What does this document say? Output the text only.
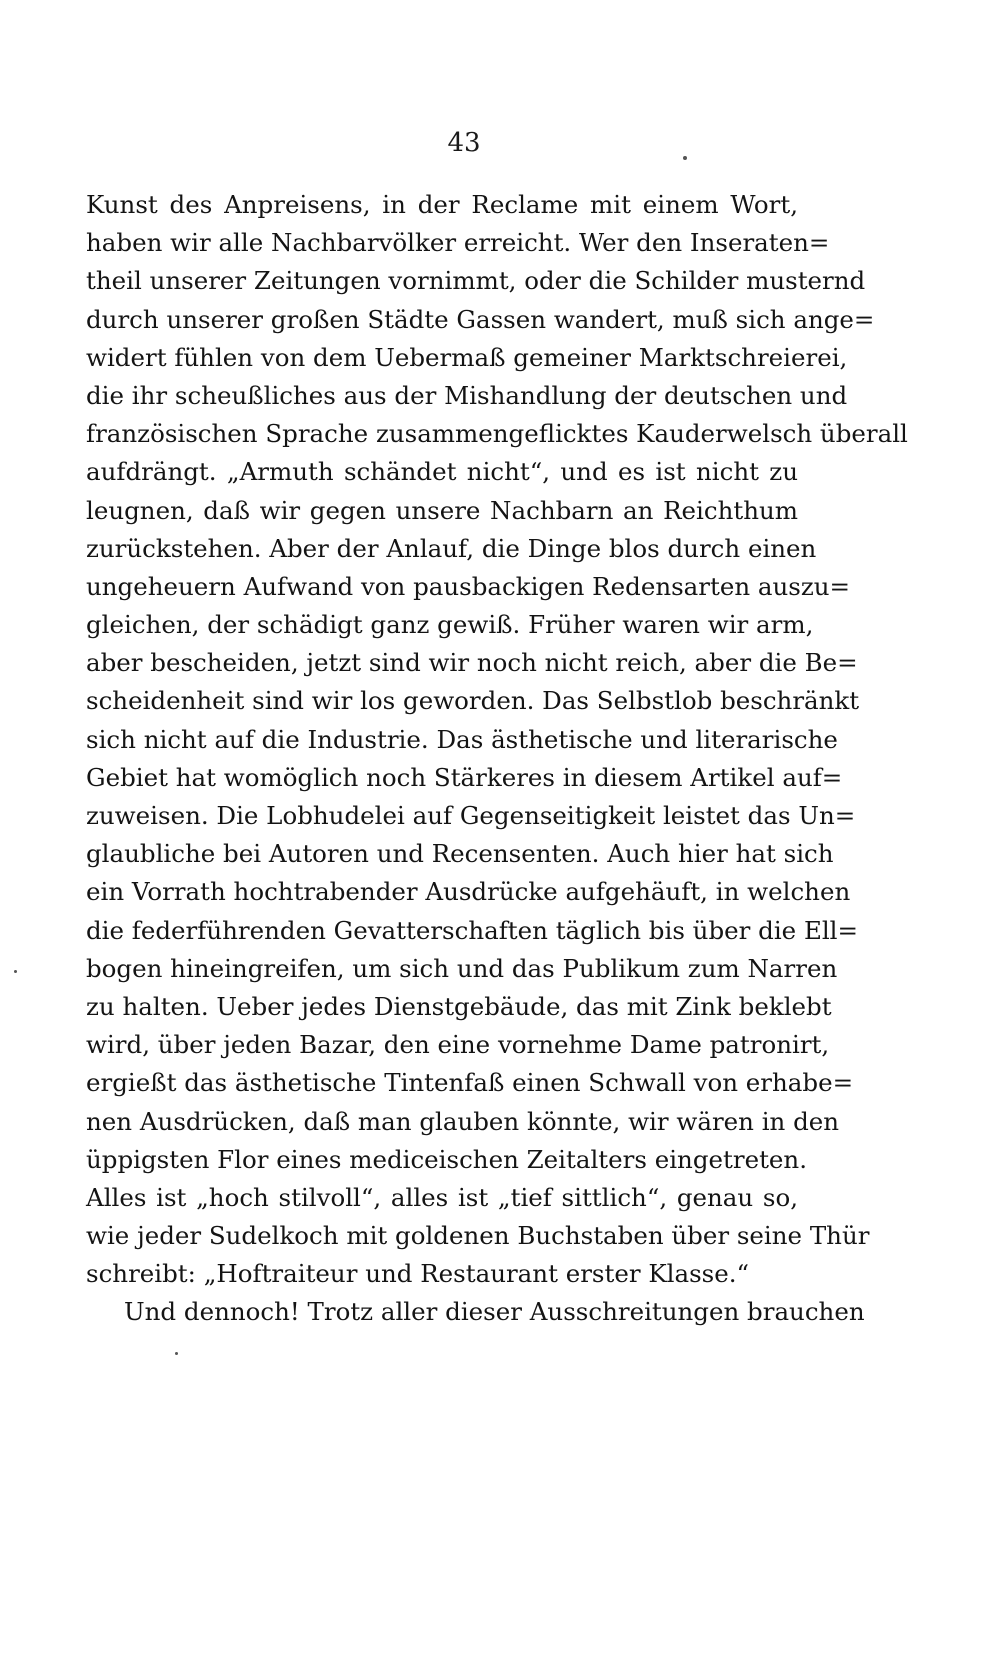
43
Kunst des Anpreisens, in der Reclame mit einem Wort,
haben wir alle Nachbarvölker erreicht. Wer den Inseraten=
theil unserer Zeitungen vornimmt, oder die Schilder musternd
durch unserer großen Städte Gassen wandert, muß sich ange=
widert fühlen von dem Uebermaß gemeiner Marktschreierei,
die ihr scheußliches aus der Mishandlung der deutschen und
französischen Sprache zusammengeflicktes Kauderwelsch überall
aufdrängt. „Armuth schändet nicht“, und es ist nicht zu
leugnen, daß wir gegen unsere Nachbarn an Reichthum
zurückstehen. Aber der Anlauf, die Dinge blos durch einen
ungeheuern Aufwand von pausbackigen Redensarten auszu=
gleichen, der schädigt ganz gewiß. Früher waren wir arm,
aber bescheiden, jetzt sind wir noch nicht reich, aber die Be=
scheidenheit sind wir los geworden. Das Selbstlob beschränkt
sich nicht auf die Industrie. Das ästhetische und literarische
Gebiet hat womöglich noch Stärkeres in diesem Artikel auf=
zuweisen. Die Lobhudelei auf Gegenseitigkeit leistet das Un=
glaubliche bei Autoren und Recensenten. Auch hier hat sich
ein Vorrath hochtrabender Ausdrücke aufgehäuft, in welchen
die federführenden Gevatterschaften täglich bis über die Ell=
bogen hineingreifen, um sich und das Publikum zum Narren
zu halten. Ueber jedes Dienstgebäude, das mit Zink beklebt
wird, über jeden Bazar, den eine vornehme Dame patronirt,
ergießt das ästhetische Tintenfaß einen Schwall von erhabe=
nen Ausdrücken, daß man glauben könnte, wir wären in den
üppigsten Flor eines mediceischen Zeitalters eingetreten.
Alles ist „hoch stilvoll“, alles ist „tief sittlich“, genau so,
wie jeder Sudelkoch mit goldenen Buchstaben über seine Thür
schreibt: „Hoftraiteur und Restaurant erster Klasse.“
Und dennoch! Trotz aller dieser Ausschreitungen brauchen
